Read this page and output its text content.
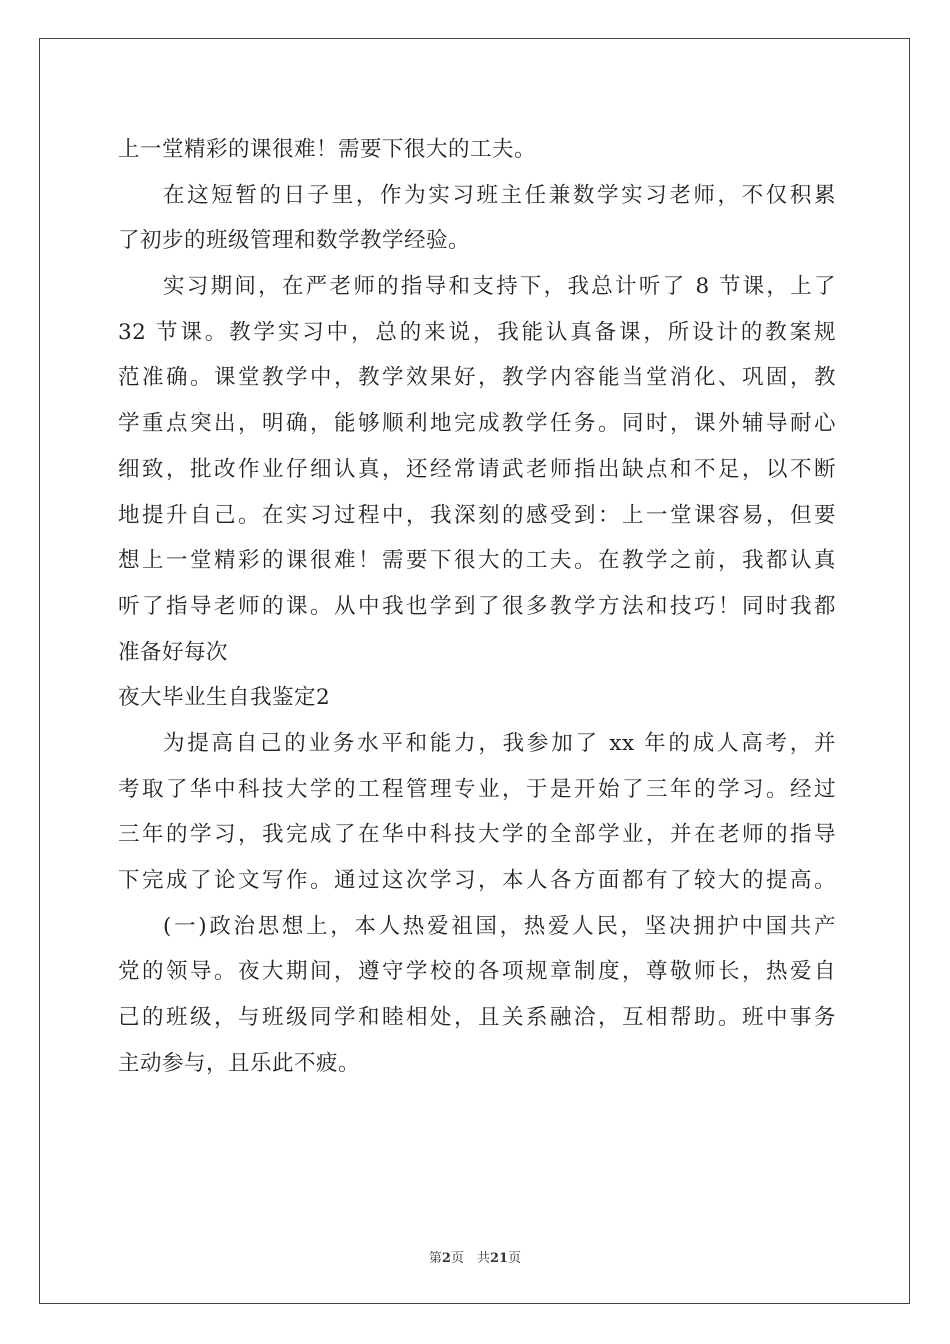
上一堂精彩的课很难！需要下很大的工夫。
在这短暂的日子里，作为实习班主任兼数学实习老师，不仅积累
了初步的班级管理和数学教学经验。
实习期间，在严老师的指导和支持下，我总计听了 8 节课，上了
32 节课。教学实习中，总的来说，我能认真备课，所设计的教案规
范准确。课堂教学中，教学效果好，教学内容能当堂消化、巩固，教
学重点突出，明确，能够顺利地完成教学任务。同时，课外辅导耐心
细致，批改作业仔细认真，还经常请武老师指出缺点和不足，以不断
地提升自己。在实习过程中，我深刻的感受到：上一堂课容易，但要
想上一堂精彩的课很难！需要下很大的工夫。在教学之前，我都认真
听了指导老师的课。从中我也学到了很多教学方法和技巧！同时我都
准备好每次
夜大毕业生自我鉴定2
为提高自己的业务水平和能力，我参加了 xx 年的成人高考，并
考取了华中科技大学的工程管理专业，于是开始了三年的学习。经过
三年的学习，我完成了在华中科技大学的全部学业，并在老师的指导
下完成了论文写作。通过这次学习，本人各方面都有了较大的提高。
(一)政治思想上，本人热爱祖国，热爱人民，坚决拥护中国共产
党的领导。夜大期间，遵守学校的各项规章制度，尊敬师长，热爱自
己的班级，与班级同学和睦相处，且关系融洽，互相帮助。班中事务
主动参与，且乐此不疲。
第2页　共21页
